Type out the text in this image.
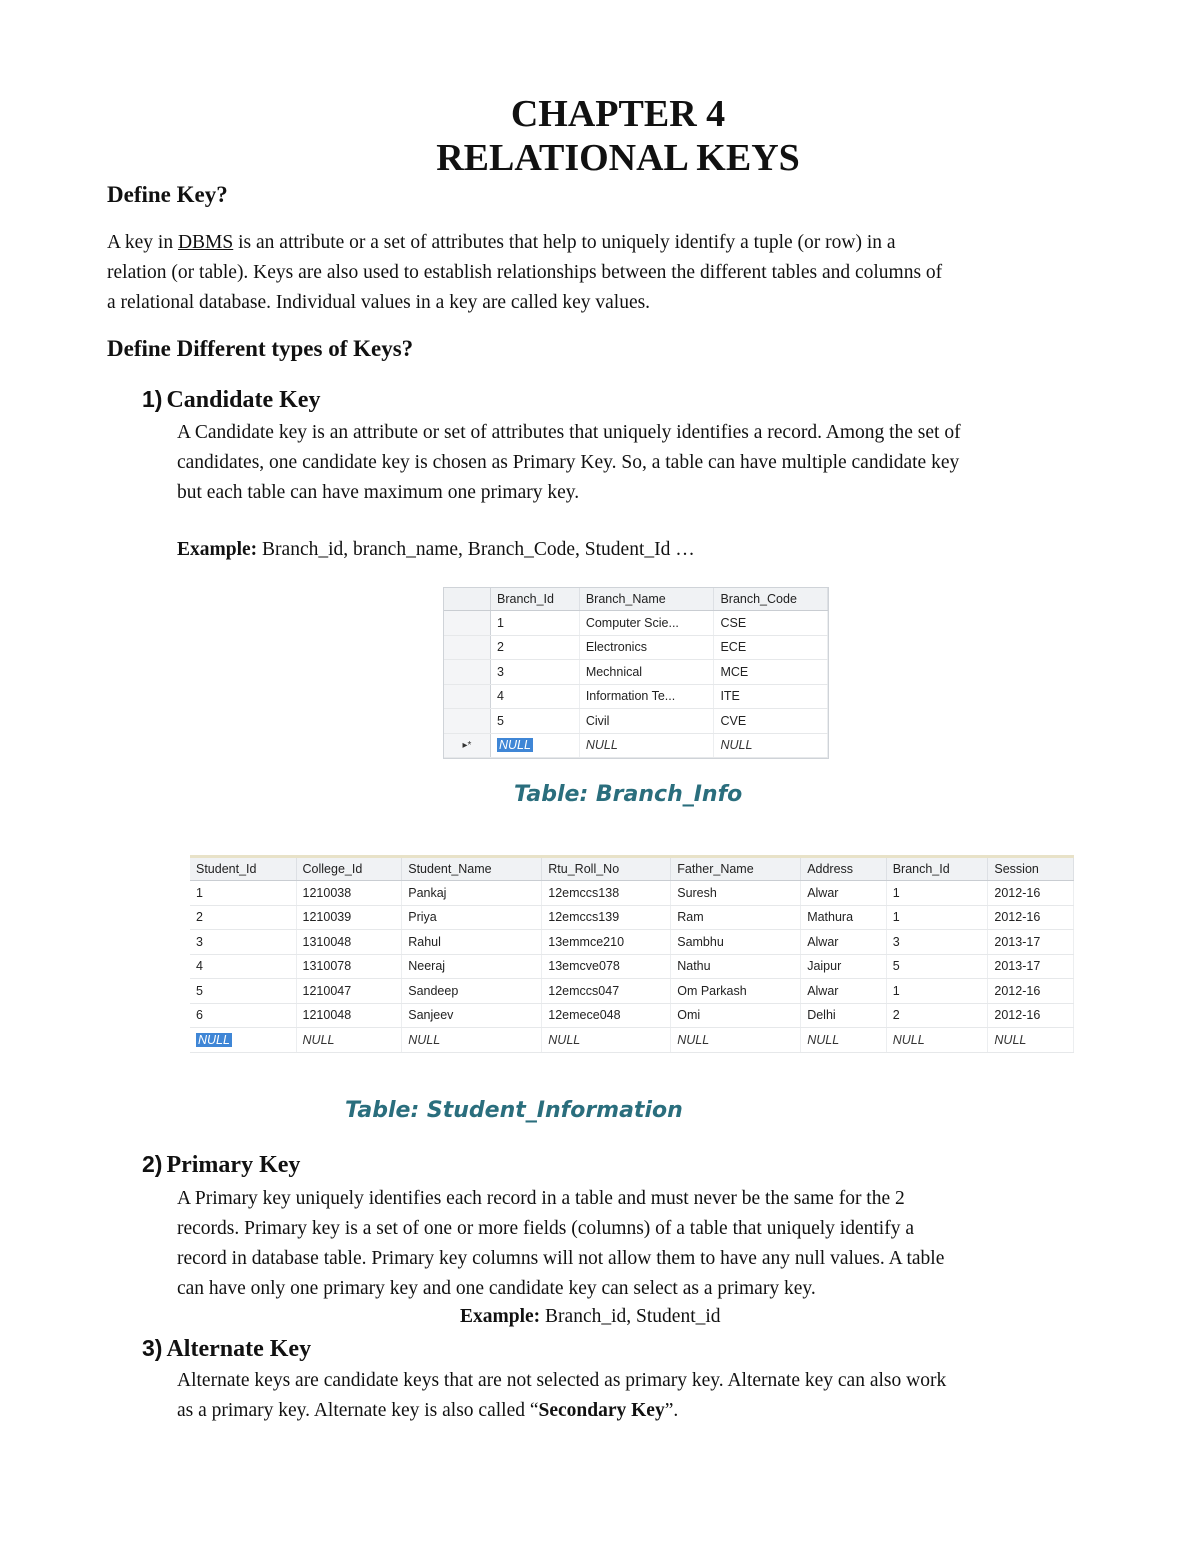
CHAPTER 4
RELATIONAL KEYS
Define Key?
A key in DBMS is an attribute or a set of attributes that help to uniquely identify a tuple (or row) in a
relation (or table). Keys are also used to establish relationships between the different tables and columns of
a relational database. Individual values in a key are called key values.
Define Different types of Keys?
1) Candidate Key
A Candidate key is an attribute or set of attributes that uniquely identifies a record. Among the set of
candidates, one candidate key is chosen as Primary Key. So, a table can have multiple candidate key
but each table can have maximum one primary key.
Example: Branch_id, branch_name, Branch_Code, Student_Id …
	Branch_Id	Branch_Name	Branch_Code
	1	Computer Scie...	CSE
	2	Electronics	ECE
	3	Mechnical	MCE
	4	Information Te...	ITE
	5	Civil	CVE
▸*	NULL	NULL	NULL
Table: Branch_Info
Student_Id	College_Id	Student_Name	Rtu_Roll_No	Father_Name	Address	Branch_Id	Session
1	1210038	Pankaj	12emccs138	Suresh	Alwar	1	2012-16
2	1210039	Priya	12emccs139	Ram	Mathura	1	2012-16
3	1310048	Rahul	13emmce210	Sambhu	Alwar	3	2013-17
4	1310078	Neeraj	13emcve078	Nathu	Jaipur	5	2013-17
5	1210047	Sandeep	12emccs047	Om Parkash	Alwar	1	2012-16
6	1210048	Sanjeev	12emece048	Omi	Delhi	2	2012-16
NULL	NULL	NULL	NULL	NULL	NULL	NULL	NULL
Table: Student_Information
2) Primary Key
A Primary key uniquely identifies each record in a table and must never be the same for the 2
records. Primary key is a set of one or more fields (columns) of a table that uniquely identify a
record in database table. Primary key columns will not allow them to have any null values. A table
can have only one primary key and one candidate key can select as a primary key.
Example: Branch_id, Student_id
3) Alternate Key
Alternate keys are candidate keys that are not selected as primary key. Alternate key can also work
as a primary key. Alternate key is also called “Secondary Key”.
